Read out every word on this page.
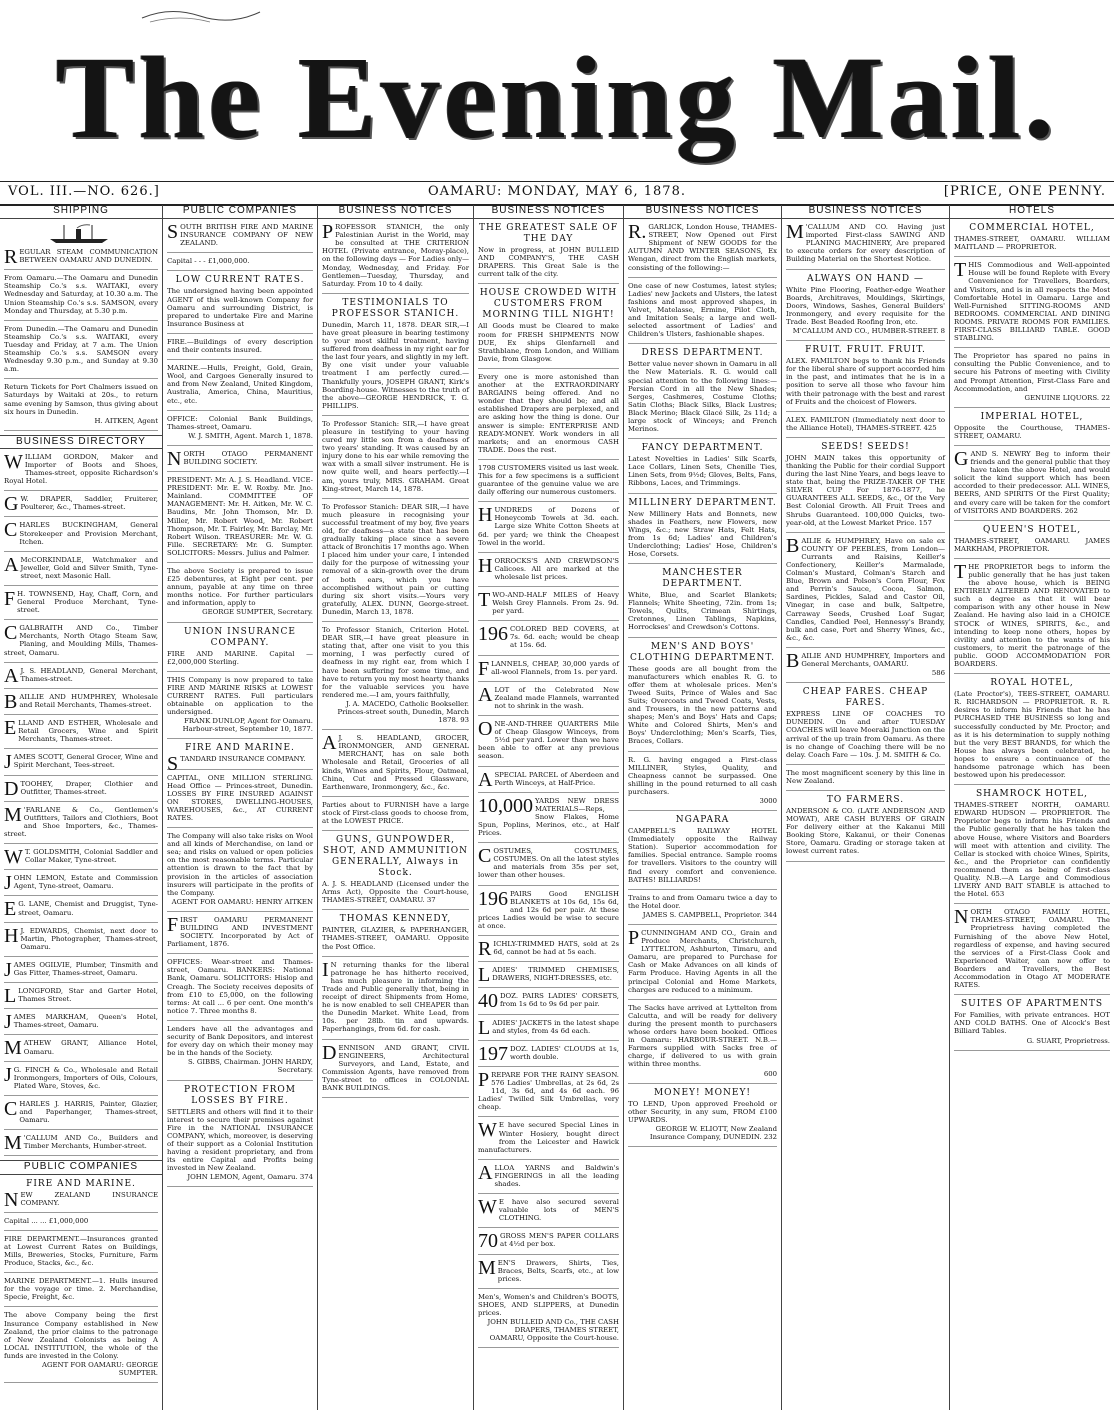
The Evening Mail.
VOL. III.—NO. 626.]	OAMARU: MONDAY, MAY 6, 1878.	[PRICE, ONE PENNY.
SHIPPING
REGULAR STEAM COMMUNICATION BETWEEN OAMARU AND DUNEDIN.
From Oamaru.—The Oamaru and Dunedin Steamship Co.'s s.s. WAITAKI, every Wednesday and Saturday, at 10.30 a.m. The Union Steamship Co.'s s.s. SAMSON, every Monday and Thursday, at 5.30 p.m.
From Dunedin.—The Oamaru and Dunedin Steamship Co.'s s.s. WAITAKI, every Tuesday and Friday, at 7 a.m. The Union Steamship Co.'s s.s. SAMSON every Wednesday 9.30 p.m., and Sunday at 9.30 a.m.
Return Tickets for Port Chalmers issued on Saturdays by Waitaki at 20s., to return same evening by Samson, thus giving about six hours in Dunedin.
H. AITKEN, Agent
BUSINESS DIRECTORY
WILLIAM GORDON, Maker and Importer of Boots and Shoes, Thames-street, opposite Richardson's Royal Hotel.
G W. DRAPER, Saddler, Fruiterer, Poulterer, &c., Thames-street.
CHARLES BUCKINGHAM, General Storekeeper and Provision Merchant, Itchen.
A McCORKINDALE, Watchmaker and Jeweller, Gold and Silver Smith, Tyne-street, next Masonic Hall.
F H. TOWNSEND, Hay, Chaff, Corn, and General Produce Merchant, Tyne-street.
CGALBRAITH AND Co., Timber Merchants, North Otago Steam Saw, Planing, and Moulding Mills, Thames-street, Oamaru.
A J. S. HEADLAND, General Merchant, Thames-street.
BAILLIE AND HUMPHREY, Wholesale and Retail Merchants, Thames-street.
ELLAND AND ESTHER, Wholesale and Retail Grocers, Wine and Spirit Merchants, Thames-street.
JAMES SCOTT, General Grocer, Wine and Spirit Merchant, Tees-street.
DTOOHEY, Draper, Clothier and Outfitter, Thames-street.
M 'FARLANE & Co., Gentlemen's Outfitters, Tailors and Clothiers, Boot and Shoe Importers, &c., Thames-street.
W T. GOLDSMITH, Colonial Saddler and Collar Maker, Tyne-street.
JOHN LEMON, Estate and Commission Agent, Tyne-street, Oamaru.
E G. LANE, Chemist and Druggist, Tyne-street, Oamaru.
H J. EDWARDS, Chemist, next door to Martin, Photographer, Thames-street, Oamaru.
JAMES OGILVIE, Plumber, Tinsmith and Gas Fitter, Thames-street, Oamaru.
LLONGFORD, Star and Garter Hotel, Thames Street.
JAMES MARKHAM, Queen's Hotel, Thames-street, Oamaru.
MATHEW GRANT, Alliance Hotel, Oamaru.
J G. FINCH & Co., Wholesale and Retail Ironmongers, Importers of Oils, Colours, Plated Ware, Stoves, &c.
CHARLES J. HARRIS, Painter, Glazier, and Paperhanger, Thames-street, Oamaru.
M 'CALLUM AND Co., Builders and Timber Merchants, Humber-street.
PUBLIC COMPANIES
FIRE AND MARINE.
N EW ZEALAND INSURANCE COMPANY.
Capital ... ... £1,000,000
FIRE DEPARTMENT.—Insurances granted at Lowest Current Rates on Buildings, Mills, Breweries, Stocks, Furniture, Farm Produce, Stacks, &c., &c.
MARINE DEPARTMENT.—1. Hulls insured for the voyage or time. 2. Merchandise, Specie, Freight, &c.
The above Company being the first Insurance Company established in New Zealand, the prior claims to the patronage of New Zealand Colonists as being A LOCAL INSTITUTION, the whole of the funds are invested in the Colony.
AGENT FOR OAMARU: GEORGE SUMPTER.
PUBLIC COMPANIES
SOUTH BRITISH FIRE AND MARINE INSURANCE COMPANY OF NEW ZEALAND.
Capital - - - £1,000,000.
LOW CURRENT RATES.
The undersigned having been appointed AGENT of this well-known Company for Oamaru and surrounding District, is prepared to undertake Fire and Marine Insurance Business at
FIRE.—Buildings of every description and their contents insured.
MARINE.—Hulls, Freight, Gold, Grain, Wool, and Cargoes Generally insured to and from New Zealand, United Kingdom, Australia, America, China, Mauritius, etc., etc.
OFFICE: Colonial Bank Buildings, Thames-street, Oamaru.
W. J. SMITH, Agent. March 1, 1878.
NORTH OTAGO PERMANENT BUILDING SOCIETY.
PRESIDENT: Mr. A. J. S. Headland. VICE-PRESIDENT: Mr. E. W. Roxby. Mr. Jno. Mainland. COMMITTEE OF MANAGEMENT: Mr. H. Aitken, Mr. W. C. Baudins, Mr. John Thomson, Mr. D. Miller, Mr. Robert Wood, Mr. Robert Thompson, Mr. T. Fairley, Mr. Barclay, Mr. Robert Wilson. TREASURER: Mr. W. G. Fille. SECRETARY: Mr. G. Sumpter. SOLICITORS: Messrs. Julius and Palmer.
The above Society is prepared to issue £25 debentures, at Eight per cent. per annum, payable at any time on three months notice. For further particulars and information, apply to
GEORGE SUMPTER, Secretary.
UNION INSURANCE COMPANY.
FIRE AND MARINE. Capital — £2,000,000 Sterling.
THIS Company is now prepared to take FIRE AND MARINE RISKS at LOWEST CURRENT RATES. Full particulars obtainable on application to the undersigned.
FRANK DUNLOP, Agent for Oamaru. Harbour-street, September 10, 1877.
FIRE AND MARINE.
S TANDARD INSURANCE COMPANY.
CAPITAL, ONE MILLION STERLING. Head Office — Princes-street, Dunedin. LOSSES BY FIRE INSURED AGAINST ON STORES, DWELLING-HOUSES, WAREHOUSES, &c., AT CURRENT RATES.
The Company will also take risks on Wool and all kinds of Merchandise, on land or sea; and risks on valued or open policies on the most reasonable terms. Particular attention is drawn to the fact that by provision in the articles of association insurers will participate in the profits of the Company.
AGENT FOR OAMARU: HENRY AITKEN
FIRST OAMARU PERMANENT BUILDING AND INVESTMENT SOCIETY. Incorporated by Act of Parliament, 1876.
OFFICES: Wear-street and Thames-street, Oamaru. BANKERS: National Bank, Oamaru. SOLICITORS: Hislop and Creagh. The Society receives deposits of from £10 to £5,000, on the following terms: At call ... 6 per cent. One month's notice 7. Three months 8.
Lenders have all the advantages and security of Bank Depositors, and interest for every day on which their money may be in the hands of the Society.
S. GIBBS, Chairman. JOHN HARDY, Secretary.
PROTECTION FROM LOSSES BY FIRE.
SETTLERS and others will find it to their interest to secure their premises against Fire in the NATIONAL INSURANCE COMPANY, which, moreover, is deserving of their support as a Colonial Institution having a resident proprietary, and from its entire Capital and Profits being invested in New Zealand.
JOHN LEMON, Agent, Oamaru. 374
BUSINESS NOTICES
PROFESSOR STANICH, the only Palestinian Aurist in the World, may be consulted at THE CRITERION HOTEL (Private entrance, Moray-place), on the following days — For Ladies only—Monday, Wednesday, and Friday. For Gentlemen—Tuesday, Thursday, and Saturday. From 10 to 4 daily.
TESTIMONIALS TO PROFESSOR STANICH.
Dunedin, March 11, 1878. DEAR SIR,—I have great pleasure in bearing testimony to your most skilful treatment, having suffered from deafness in my right ear for the last four years, and slightly in my left. By one visit under your valuable treatment I am perfectly cured.—Thankfully yours, JOSEPH GRANT, Kirk's Boarding-house. Witnesses to the truth of the above—GEORGE HENDRICK, T. G. PHILLIPS.
To Professor Stanich: SIR,—I have great pleasure in testifying to your having cured my little son from a deafness of two years' standing. It was caused by an injury done to his ear while removing the wax with a small silver instrument. He is now quite well, and hears perfectly.—I am, yours truly, MRS. GRAHAM. Great King-street, March 14, 1878.
To Professor Stanich: DEAR SIR,—I have much pleasure in recognising your successful treatment of my boy, five years old, for deafness—a state that has been gradually taking place since a severe attack of Bronchitis 17 months ago. When I placed him under your care, I intended daily for the purpose of witnessing your removal of a skin-growth over the drum of both ears, which you have accomplished without pain or cutting during six short visits.—Yours very gratefully, ALEX. DUNN, George-street. Dunedin, March 13, 1878.
To Professor Stanich, Criterion Hotel. DEAR SIR,—I have great pleasure in stating that, after one visit to you this morning, I was perfectly cured of deafness in my right ear, from which I have been suffering for some time, and have to return you my most hearty thanks for the valuable services you have rendered me.—I am, yours faithfully,
J. A. MACEDO, Catholic Bookseller. Princes-street south, Dunedin, March 1878. 93
A J. S. HEADLAND, GROCER, IRONMONGER, AND GENERAL MERCHANT, has on sale both Wholesale and Retail, Groceries of all kinds, Wines and Spirits, Flour, Oatmeal, China, Cut and Pressed Glassware, Earthenware, Ironmongery, &c., &c.
Parties about to FURNISH have a large stock of First-class goods to choose from, at the LOWEST PRICE.
GUNS, GUNPOWDER, SHOT, AND AMMUNITION GENERALLY, Always in Stock.
A. J. S. HEADLAND (Licensed under the Arms Act), Opposite the Court-house, THAMES-STREET, OAMARU. 37
THOMAS KENNEDY,
PAINTER, GLAZIER, & PAPERHANGER, THAMES-STREET, OAMARU. Opposite the Post Office.
I N returning thanks for the liberal patronage he has hitherto received, has much pleasure in informing the Trade and Public generally that, being in receipt of direct Shipments from Home, he is now enabled to sell CHEAPER than the Dunedin Market. White Lead, from 10s. per 28lb. tin and upwards. Paperhangings, from 6d. for cash.
DENNISON AND GRANT, CIVIL ENGINEERS, Architectural Surveyors, and Land, Estate, and Commission Agents, have removed from Tyne-street to offices in COLONIAL BANK BUILDINGS.
BUSINESS NOTICES
THE GREATEST SALE OF THE DAY
Now in progress, at JOHN BULLEID AND COMPANY'S, THE CASH DRAPERS. This Great Sale is the current talk of the city.
HOUSE CROWDED WITH CUSTOMERS FROM MORNING TILL NIGHT!
All Goods must be Cleared to make room for FRESH SHIPMENTS NOW DUE, Ex ships Glenfarnell and Strathblane, from London, and William Davie, from Glasgow.
Every one is more astonished than another at the EXTRAORDINARY BARGAINS being offered. And no wonder that they should be; and all established Drapers are perplexed, and are asking how the thing is done. Our answer is simple: ENTERPRISE AND READY-MONEY. Work wonders in all markets; and an enormous CASH TRADE. Does the rest.
1798 CUSTOMERS visited us last week. This for a few specimens is a sufficient guarantee of the genuine value we are daily offering our numerous customers.
HUNDREDS of Dozens of Honeycomb Towels at 3d. each. Large size White Cotton Sheets at 6d. per yard; we think the Cheapest Towel in the world.
HORROCKS'S AND CREWDSON'S Calicoes. All are marked at the wholesale list prices.
TWO-AND-HALF MILES of Heavy Welsh Grey Flannels. From 2s. 9d. per yard.
196 COLORED BED COVERS, at 7s. 6d. each; would be cheap at 15s. 6d.
FLANNELS, CHEAP, 30,000 yards of all-wool Flannels, from 1s. per yard.
ALOT of the Celebrated New Zealand made Flannels, warranted not to shrink in the wash.
ONE-AND-THREE QUARTERS Mile of Cheap Glasgow Winceys, from 5½d per yard. Lower than we have been able to offer at any previous season.
ASPECIAL PARCEL of Aberdeen and Perth Winceys, at Half-Price.
10,000 YARDS NEW DRESS MATERIALS—Reps, Snow Flakes, Home Spun, Poplins, Merinos, etc., at Half Prices.
COSTUMES, COSTUMES, COSTUMES. On all the latest styles and materials from 35s per set, lower than other houses.
196 PAIRS Good ENGLISH BLANKETS at 10s 6d, 15s 6d, and 12s 6d per pair. At these prices Ladies would be wise to secure at once.
RICHLY-TRIMMED HATS, sold at 2s 6d, cannot be had at 5s each.
LADIES' TRIMMED CHEMISES, DRAWERS, NIGHT-DRESSES, etc.
40 DOZ. PAIRS LADIES' CORSETS, from 1s 6d to 9s 6d per pair.
LADIES' JACKETS in the latest shape and styles, from 4s 6d each.
197 DOZ. LADIES' CLOUDS at 1s, worth double.
PREPARE FOR THE RAINY SEASON. 576 Ladies' Umbrellas, at 2s 6d, 2s 11d, 3s 6d, and 4s 6d each. 96 Ladies' Twilled Silk Umbrellas, very cheap.
W E have secured Special Lines in Winter Hosiery, bought direct from the Leicester and Hawick manufacturers.
ALLOA YARNS and Baldwin's FINGERINGS in all the leading shades.
W E have also secured several valuable lots of MEN'S CLOTHING.
70 GROSS MEN'S PAPER COLLARS at 4½d per box.
MEN'S Drawers, Shirts, Ties, Braces, Belts, Scarfs, etc., at low prices.
Men's, Women's and Children's BOOTS, SHOES, AND SLIPPERS, at Dunedin prices.
JOHN BULLEID AND Co., THE CASH DRAPERS, THAMES STREET, OAMARU, Opposite the Court-house.
BUSINESS NOTICES
R. GARLICK, London House, THAMES-STREET, Now Opened out First Shipment of NEW GOODS for the AUTUMN AND WINTER SEASONS, Ex Wengan, direct from the English markets, consisting of the following:—
One case of new Costumes, latest styles; Ladies' new Jackets and Ulsters, the latest fashions and most approved shapes, in Velvet, Matelasse, Ermine, Pilot Cloth, and Imitation Seals; a large and well-selected assortment of Ladies' and Children's Ulsters, fashionable shapes.
DRESS DEPARTMENT.
Better value never shown in Oamaru in all the New Materials. R. G. would call special attention to the following lines:—Persian Cord in all the New Shades; Serges, Cashmeres, Costume Cloths; Satin Cloths; Black Silks, Black Lustres; Black Merino; Black Glacé Silk, 2s 11d; a large stock of Winceys; and French Merinos.
FANCY DEPARTMENT.
Latest Novelties in Ladies' Silk Scarfs, Lace Collars, Linen Sets, Chenille Ties, Linen Sets, from 9½d; Gloves, Belts, Fans, Ribbons, Laces, and Trimmings.
MILLINERY DEPARTMENT.
New Millinery Hats and Bonnets, new shades in Feathers, new Flowers, new Wings, &c.; new Straw Hats, Felt Hats, from 1s 6d; Ladies' and Children's Underclothing; Ladies' Hose, Children's Hose, Corsets.
MANCHESTER DEPARTMENT.
White, Blue, and Scarlet Blankets; Flannels; White Sheeting, 72in. from 1s; Towels, Quilts, Crimean Shirtings, Cretonnes, Linen Tablings, Napkins, Horrockses' and Crewdson's Cottons.
MEN'S AND BOYS' CLOTHING DEPARTMENT.
These goods are all bought from the manufacturers which enables R. G. to offer them at wholesale prices. Men's Tweed Suits, Prince of Wales and Sac Suits; Overcoats and Tweed Coats, Vests, and Trousers, in the new patterns and shapes; Men's and Boys' Hats and Caps; White and Colored Shirts, Men's and Boys' Underclothing; Men's Scarfs, Ties, Braces, Collars.
R. G. having engaged a First-class MILLINER, Styles, Quality, and Cheapness cannot be surpassed. One shilling in the pound returned to all cash purchasers.
3000
NGAPARA
CAMPBELL'S RAILWAY HOTEL (Immediately opposite the Railway Station). Superior accommodation for families. Special entrance. Sample rooms for travellers. Visitors to the country will find every comfort and convenience. BATHS! BILLIARDS!
Trains to and from Oamaru twice a day to the Hotel door.
JAMES S. CAMPBELL, Proprietor. 344
PCUNNINGHAM AND CO., Grain and Produce Merchants, Christchurch, LYTTELTON, Ashburton, Timaru, and Oamaru, are prepared to Purchase for Cash or Make Advances on all kinds of Farm Produce. Having Agents in all the principal Colonial and Home Markets, charges are reduced to a minimum.
The Sacks have arrived at Lyttelton from Calcutta, and will be ready for delivery during the present month to purchasers whose orders have been booked. Offices in Oamaru: HARBOUR-STREET. N.B.—Farmers supplied with Sacks free of charge, if delivered to us with grain within three months.
600
MONEY! MONEY!
TO LEND, Upon approved Freehold or other Security, in any sum, FROM £100 UPWARDS.
GEORGE W. ELIOTT, New Zealand Insurance Company, DUNEDIN. 232
BUSINESS NOTICES
M 'CALLUM AND CO. Having just imported First-class SAWING AND PLANING MACHINERY, Are prepared to execute orders for every description of Building Material on the Shortest Notice.
ALWAYS ON HAND —
White Pine Flooring, Feather-edge Weather Boards, Architraves, Mouldings, Skirtings, Doors, Windows, Sashes, General Builders' Ironmongery, and every requisite for the Trade. Best Beaded Roofing Iron, etc.
M'CALLUM AND CO., HUMBER-STREET. 8
FRUIT. FRUIT. FRUIT.
ALEX. FAMILTON begs to thank his Friends for the liberal share of support accorded him in the past, and intimates that he is in a position to serve all those who favour him with their patronage with the best and rarest of Fruits and the choicest of Flowers.
ALEX. FAMILTON (Immediately next door to the Alliance Hotel), THAMES-STREET. 425
SEEDS! SEEDS!
JOHN MAIN takes this opportunity of thanking the Public for their cordial Support during the last Nine Years, and begs leave to state that, being the PRIZE-TAKER OF THE SILVER CUP For 1876-1877, he GUARANTEES ALL SEEDS, &c., Of the Very Best Colonial Growth. All Fruit Trees and Shrubs Guaranteed. 100,000 Quicks, two-year-old, at the Lowest Market Price. 157
BAILIE & HUMPHREY, Have on sale ex COUNTY OF PEEBLES, from London— Currants and Raisins, Keiller's Confectionery, Keiller's Marmalade, Colman's Mustard, Colman's Starch and Blue, Brown and Polson's Corn Flour, Fox and Perrin's Sauce, Cocoa, Salmon, Sardines, Pickles, Salad and Castor Oil, Vinegar, in case and bulk, Saltpetre, Carraway Seeds, Crushed Loaf Sugar, Candles, Candied Peel, Hennessy's Brandy, bulk and case, Port and Sherry Wines, &c., &c., &c.
BAILIE AND HUMPHREY, Importers and General Merchants, OAMARU.
586
CHEAP FARES. CHEAP FARES.
EXPRESS LINE OF COACHES TO DUNEDIN. On and after TUESDAY COACHES will leave Moeraki Junction on the arrival of the up train from Oamaru. As there is no change of Coaching there will be no delay. Coach Fare — 10s. J. M. SMITH & Co.
The most magnificent scenery by this line in New Zealand.
TO FARMERS.
ANDERSON & CO. (LATE ANDERSON AND MOWAT), ARE CASH BUYERS OF GRAIN For delivery either at the Kakanui Mill Booking Store, Kakanui, or their Conenas Store, Oamaru. Grading or storage taken at lowest current rates.
HOTELS
COMMERCIAL HOTEL,
THAMES-STREET, OAMARU. WILLIAM MAITLAND — PROPRIETOR.
THIS Commodious and Well-appointed House will be found Replete with Every Convenience for Travellers, Boarders, and Visitors, and is in all respects the Most Comfortable Hotel in Oamaru. Large and Well-Furnished SITTING-ROOMS AND BEDROOMS. COMMERCIAL AND DINING ROOMS. PRIVATE ROOMS FOR FAMILIES. FIRST-CLASS BILLIARD TABLE. GOOD STABLING.
The Proprietor has spared no pains in consulting the Public Convenience, and to secure his Patrons of meeting with Civility and Prompt Attention, First-Class Fare and Accommodation, and
GENUINE LIQUORS. 22
IMPERIAL HOTEL,
Opposite the Courthouse, THAMES-STREET, OAMARU.
GAND S. NEWRY Beg to inform their friends and the general public that they have taken the above Hotel, and would solicit the kind support which has been accorded to their predecessor. ALL WINES, BEERS, AND SPIRITS Of the First Quality; and every care will be taken for the comfort of VISITORS AND BOARDERS. 262
QUEEN'S HOTEL,
THAMES-STREET, OAMARU. JAMES MARKHAM, PROPRIETOR.
THE PROPRIETOR begs to inform the public generally that he has just taken the above house, which is BEING ENTIRELY ALTERED AND RENOVATED to such a degree as that it will bear comparison with any other house in New Zealand. He having also laid in a CHOICE STOCK of WINES, SPIRITS, &c., and intending to keep none others, hopes by civility and attention to the wants of his customers, to merit the patronage of the public. GOOD ACCOMMODATION FOR BOARDERS.
ROYAL HOTEL,
(Late Proctor's), TEES-STREET, OAMARU. R. RICHARDSON — PROPRIETOR. R. R. desires to inform his Friends that he has PURCHASED THE BUSINESS so long and successfully conducted by Mr. Proctor; and as it is his determination to supply nothing but the very BEST BRANDS, for which the House has always been celebrated, he hopes to ensure a continuance of the handsome patronage which has been bestowed upon his predecessor.
SHAMROCK HOTEL,
THAMES-STREET NORTH, OAMARU. EDWARD HUDSON — PROPRIETOR. The Proprietor begs to inform his Friends and the Public generally that he has taken the above House, where Visitors and Boarders will meet with attention and civility. The Cellar is stocked with choice Wines, Spirits, &c., and the Proprietor can confidently recommend them as being of first-class Quality. N.B.—A Large and Commodious LIVERY AND BAIT STABLE is attached to the Hotel. 653
NORTH OTAGO FAMILY HOTEL, THAMES-STREET, OAMARU. The Proprietress having completed the Furnishing of the above New Hotel, regardless of expense, and having secured the services of a First-Class Cook and Experienced Waiter, can now offer to Boarders and Travellers, the Best Accommodation in Otago AT MODERATE RATES.
SUITES OF APARTMENTS
For Families, with private entrances. HOT AND COLD BATHS. One of Alcock's Best Billiard Tables.
G. SUART, Proprietress.
